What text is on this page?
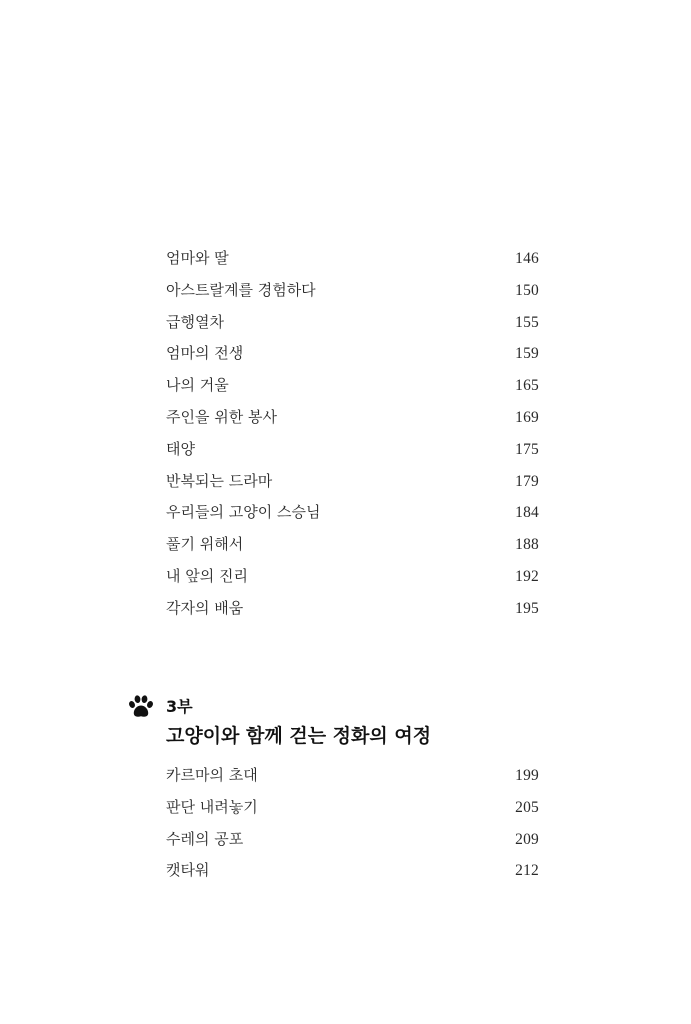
엄마와 딸	146
아스트랄계를 경험하다	150
급행열차	155
엄마의 전생	159
나의 거울	165
주인을 위한 봉사	169
태양	175
반복되는 드라마	179
우리들의 고양이 스승님	184
풀기 위해서	188
내 앞의 진리	192
각자의 배움	195
3부
고양이와 함께 걷는 정화의 여정
카르마의 초대	199
판단 내려놓기	205
수레의 공포	209
캣타워	212
